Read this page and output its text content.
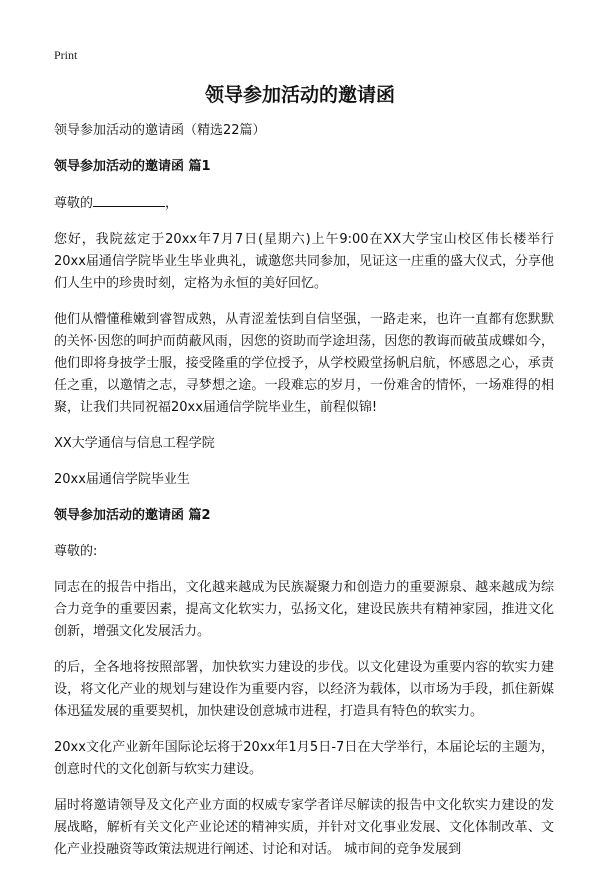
Print
领导参加活动的邀请函

领导参加活动的邀请函（精选22篇）

领导参加活动的邀请函 篇1

尊敬的	，

您好，我院兹定于20xx年7月7日(星期六)上午9:00在XX大学宝山校区伟长楼举行20xx届通信学院毕业生毕业典礼，诚邀您共同参加，见证这一庄重的盛大仪式，分享他们人生中的珍贵时刻，定格为永恒的美好回忆。

他们从懵懂稚嫩到睿智成熟，从青涩羞怯到自信坚强，一路走来，也许一直都有您默默的关怀·因您的呵护而荫蔽风雨，因您的资助而学途坦荡，因您的教诲而破茧成蝶如今，他们即将身披学士服，接受隆重的学位授予，从学校殿堂扬帆启航，怀感恩之心，承责任之重，以邀情之志，寻梦想之途。一段难忘的岁月，一份难舍的情怀，一场难得的相聚，让我们共同祝福20xx届通信学院毕业生，前程似锦!

XX大学通信与信息工程学院

20xx届通信学院毕业生

领导参加活动的邀请函 篇2

尊敬的:

同志在的报告中指出，文化越来越成为民族凝聚力和创造力的重要源泉、越来越成为综合力竞争的重要因素，提高文化软实力，弘扬文化，建设民族共有精神家园，推进文化创新，增强文化发展活力。

的后，全各地将按照部署，加快软实力建设的步伐。以文化建设为重要内容的软实力建设，将文化产业的规划与建设作为重要内容，以经济为载体，以市场为手段，抓住新媒体迅猛发展的重要契机，加快建设创意城市进程，打造具有特色的软实力。

20xx文化产业新年国际论坛将于20xx年1月5日-7日在大学举行，本届论坛的主题为，创意时代的文化创新与软实力建设。

届时将邀请领导及文化产业方面的权威专家学者详尽解读的报告中文化软实力建设的发展战略，解析有关文化产业论述的精神实质，并针对文化事业发展、文化体制改革、文化产业投融资等政策法规进行阐述、讨论和对话。 城市间的竞争发展到
